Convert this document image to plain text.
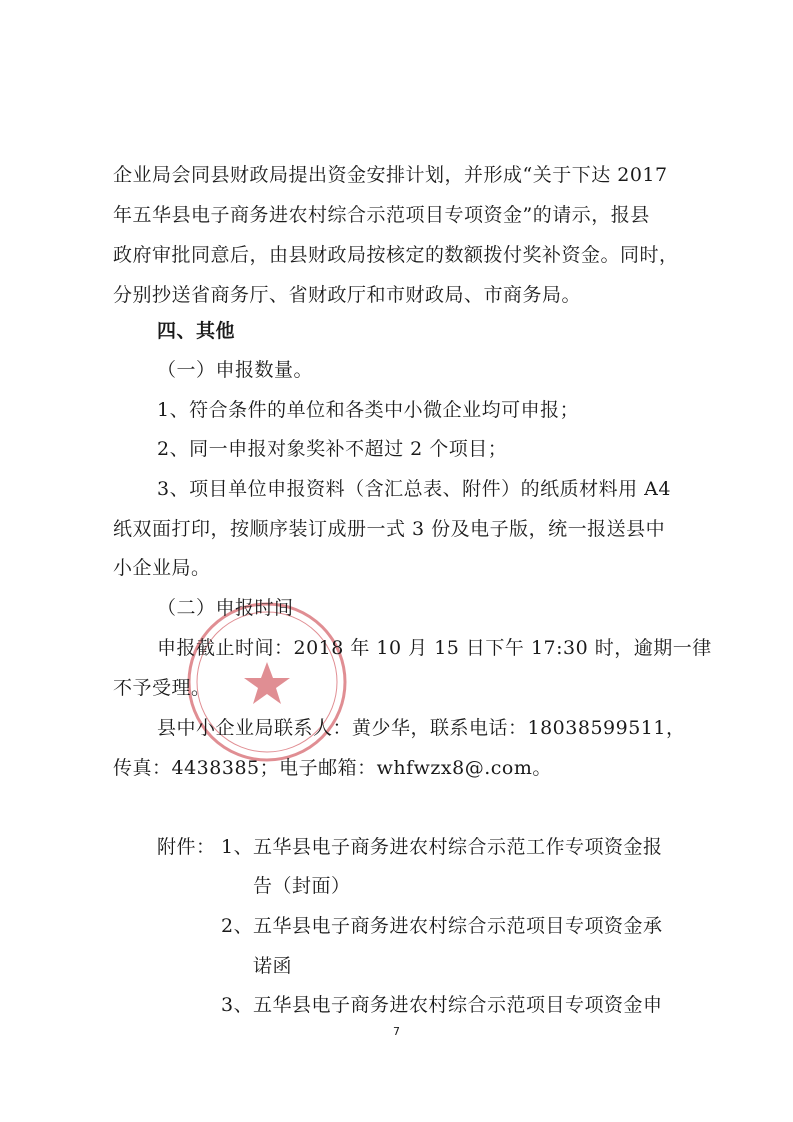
企业局会同县财政局提出资金安排计划，并形成“关于下达 2017
年五华县电子商务进农村综合示范项目专项资金”的请示，报县
政府审批同意后，由县财政局按核定的数额拨付奖补资金。同时，
分别抄送省商务厅、省财政厅和市财政局、市商务局。
四、其他
（一）申报数量。
1、符合条件的单位和各类中小微企业均可申报；
2、同一申报对象奖补不超过 2 个项目；
3、项目单位申报资料（含汇总表、附件）的纸质材料用 A4
纸双面打印，按顺序装订成册一式 3 份及电子版，统一报送县中
小企业局。
（二）申报时间
申报截止时间：2018 年 10 月 15 日下午 17:30 时，逾期一律
不予受理。
县中小企业局联系人：黄少华，联系电话：18038599511，
传真：4438385；电子邮箱：whfwzx8@.com。
附件： 1、 五华县电子商务进农村综合示范工作专项资金报
告（封面）
2、 五华县电子商务进农村综合示范项目专项资金承
诺函
3、 五华县电子商务进农村综合示范项目专项资金申
7
